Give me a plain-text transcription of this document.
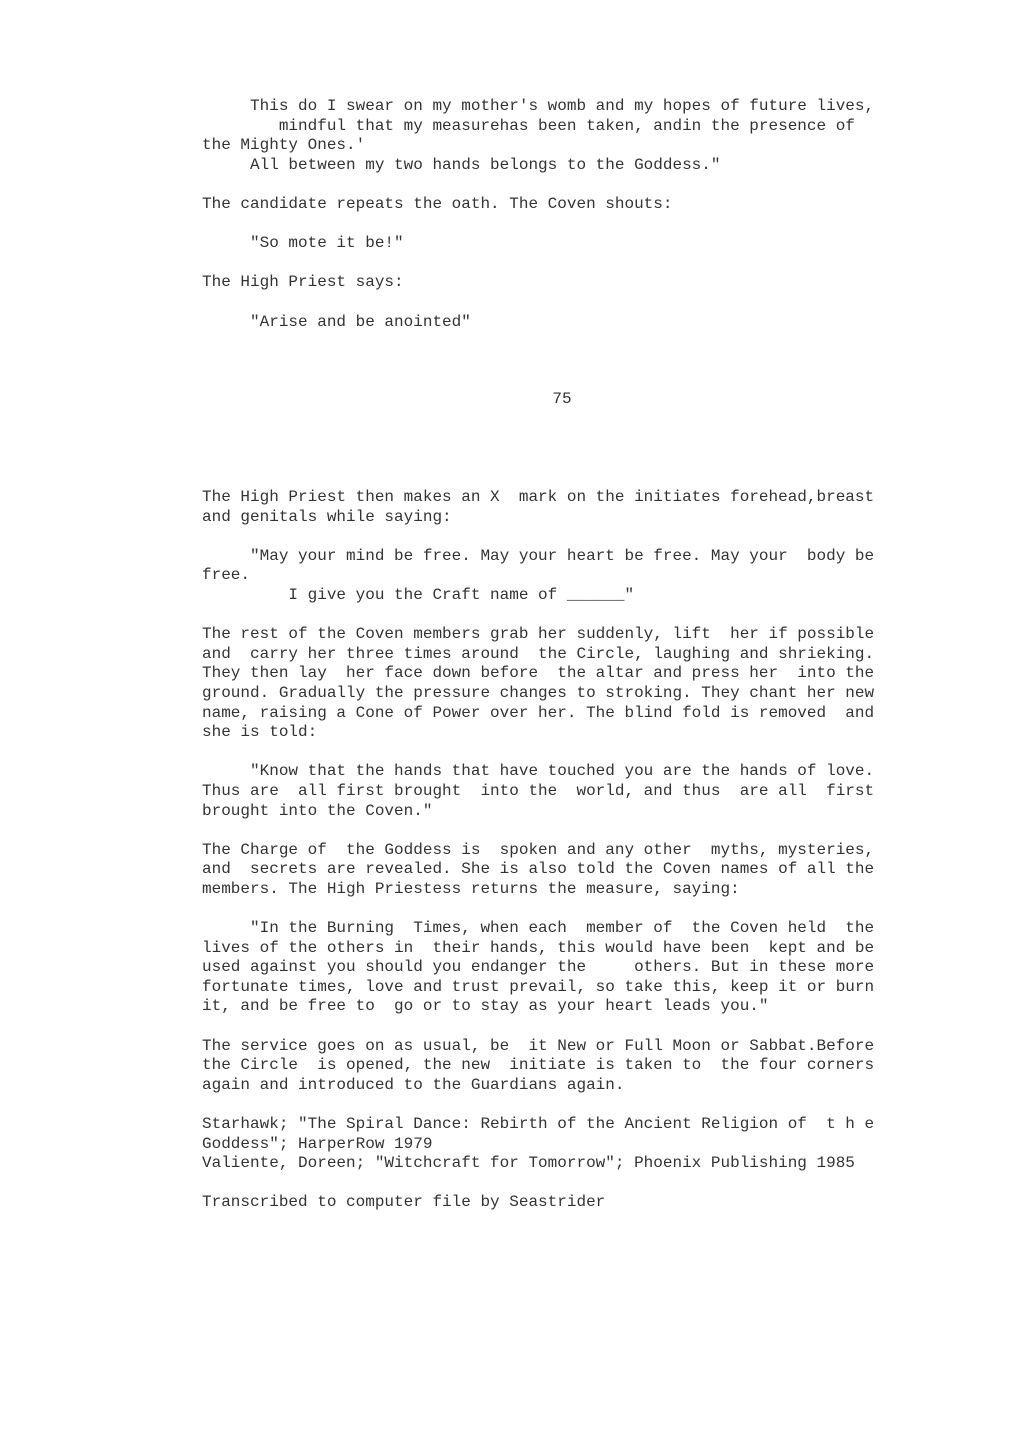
This do I swear on my mother's womb and my hopes of future lives,
mindful that my measurehas been taken, andin the presence of
the Mighty Ones.'
All between my two hands belongs to the Goddess."

The candidate repeats the oath. The Coven shouts:

"So mote it be!"

The High Priest says:

"Arise and be anointed"

75

The High Priest then makes an X  mark on the initiates forehead,breast
and genitals while saying:

"May your mind be free. May your heart be free. May your  body be
free.
I give you the Craft name of ______"

The rest of the Coven members grab her suddenly, lift  her if possible
and  carry her three times around  the Circle, laughing and shrieking.
They then lay  her face down before  the altar and press her  into the
ground. Gradually the pressure changes to stroking. They chant her new
name, raising a Cone of Power over her. The blind fold is removed  and
she is told:

"Know that the hands that have touched you are the hands of love.
Thus are  all first brought  into the  world, and thus  are all  first
brought into the Coven."

The Charge of  the Goddess is  spoken and any other  myths, mysteries,
and  secrets are revealed. She is also told the Coven names of all the
members. The High Priestess returns the measure, saying:

"In the Burning  Times, when each  member of  the Coven held  the
lives of the others in  their hands, this would have been  kept and be
used against you should you endanger the     others. But in these more
fortunate times, love and trust prevail, so take this, keep it or burn
it, and be free to  go or to stay as your heart leads you."

The service goes on as usual, be  it New or Full Moon or Sabbat.Before
the Circle  is opened, the new  initiate is taken to  the four corners
again and introduced to the Guardians again.

Starhawk; "The Spiral Dance: Rebirth of the Ancient Religion of  t h e
Goddess"; HarperRow 1979
Valiente, Doreen; "Witchcraft for Tomorrow"; Phoenix Publishing 1985

Transcribed to computer file by Seastrider
